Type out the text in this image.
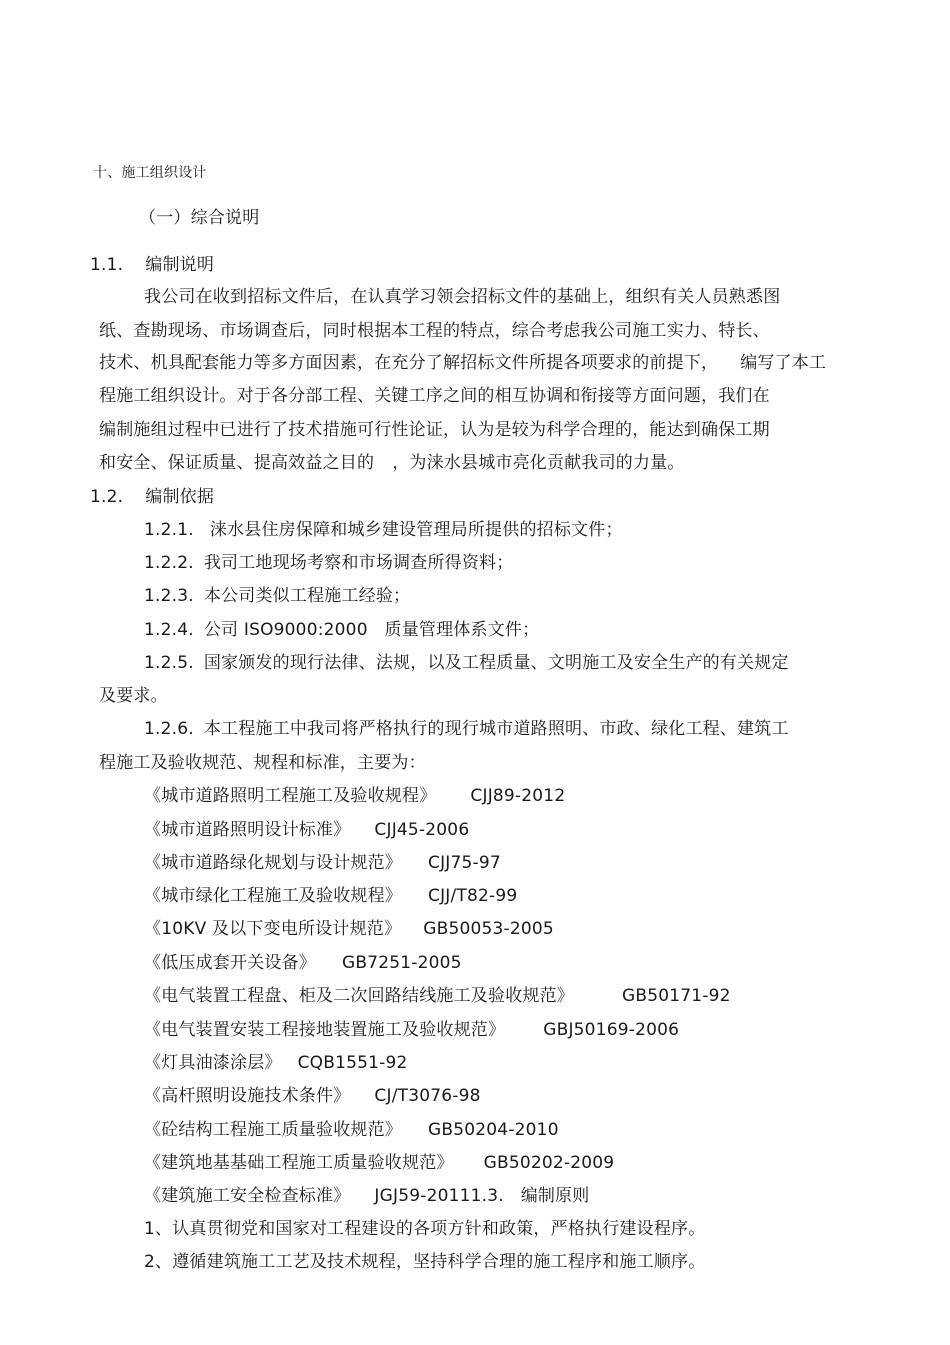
十、施工组织设计
（一）综合说明
1.1. 编制说明
我公司在收到招标文件后，在认真学习领会招标文件的基础上，组织有关人员熟悉图
纸、查勘现场、市场调查后，同时根据本工程的特点，综合考虑我公司施工实力、特长、
技术、机具配套能力等多方面因素，在充分了解招标文件所提各项要求的前提下， 编写了本工
程施工组织设计。对于各分部工程、关键工序之间的相互协调和衔接等方面问题，我们在
编制施组过程中已进行了技术措施可行性论证，认为是较为科学合理的，能达到确保工期
和安全、保证质量、提高效益之目的 ，为涞水县城市亮化贡献我司的力量。
1.2. 编制依据
1.2.1. 涞水县住房保障和城乡建设管理局所提供的招标文件；
1.2.2. 我司工地现场考察和市场调查所得资料；
1.2.3. 本公司类似工程施工经验；
1.2.4. 公司 ISO9000:2000   质量管理体系文件；
1.2.5. 国家颁发的现行法律、法规，以及工程质量、文明施工及安全生产的有关规定
及要求。
1.2.6. 本工程施工中我司将严格执行的现行城市道路照明、市政、绿化工程、建筑工
程施工及验收规范、规程和标准，主要为：
《城市道路照明工程施工及验收规程》 CJJ89-2012
《城市道路照明设计标准》 CJJ45-2006
《城市道路绿化规划与设计规范》 CJJ75-97
《城市绿化工程施工及验收规程》 CJJ/T82-99
《10KV 及以下变电所设计规范》 GB50053-2005
《低压成套开关设备》 GB7251-2005
《电气装置工程盘、柜及二次回路结线施工及验收规范》	GB50171-92
《电气装置安装工程接地装置施工及验收规范》 GBJ50169-2006
《灯具油漆涂层》 CQB1551-92
《高杆照明设施技术条件》 CJ/T3076-98
《砼结构工程施工质量验收规范》 GB50204-2010
《建筑地基基础工程施工质量验收规范》 GB50202-2009
《建筑施工安全检查标准》 JGJ59-20111.3.   编制原则
1、认真贯彻党和国家对工程建设的各项方针和政策，严格执行建设程序。
2、遵循建筑施工工艺及技术规程，坚持科学合理的施工程序和施工顺序。
